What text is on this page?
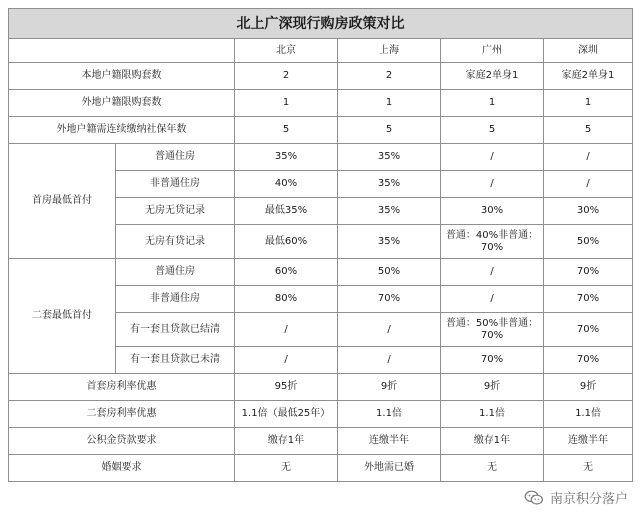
北上广深现行购房政策对比					
		北京	上海	广州	深圳
本地户籍限购套数		2	2	家庭2单身1	家庭2单身1
外地户籍限购套数		1	1	1	1
外地户籍需连续缴纳社保年数		5	5	5	5
首房最低首付	普通住房	35%	35%	/	/
	非普通住房	40%	35%	/	/
	无房无贷记录	最低35%	35%	30%	30%
	无房有贷记录	最低60%	35%	普通：40%非普通：70%	50%
二套最低首付	普通住房	60%	50%	/	70%
	非普通住房	80%	70%	/	70%
	有一套且贷款已结清	/	/	普通：50%非普通：70%	70%
	有一套且贷款已未清	/	/	70%	70%
首套房利率优惠		95折	9折	9折	9折
二套房利率优惠		1.1倍（最低25年）	1.1倍	1.1倍	1.1倍
公积金贷款要求		缴存1年	连缴半年	缴存1年	连缴半年
婚姻要求		无	外地需已婚	无	无
南京积分落户
